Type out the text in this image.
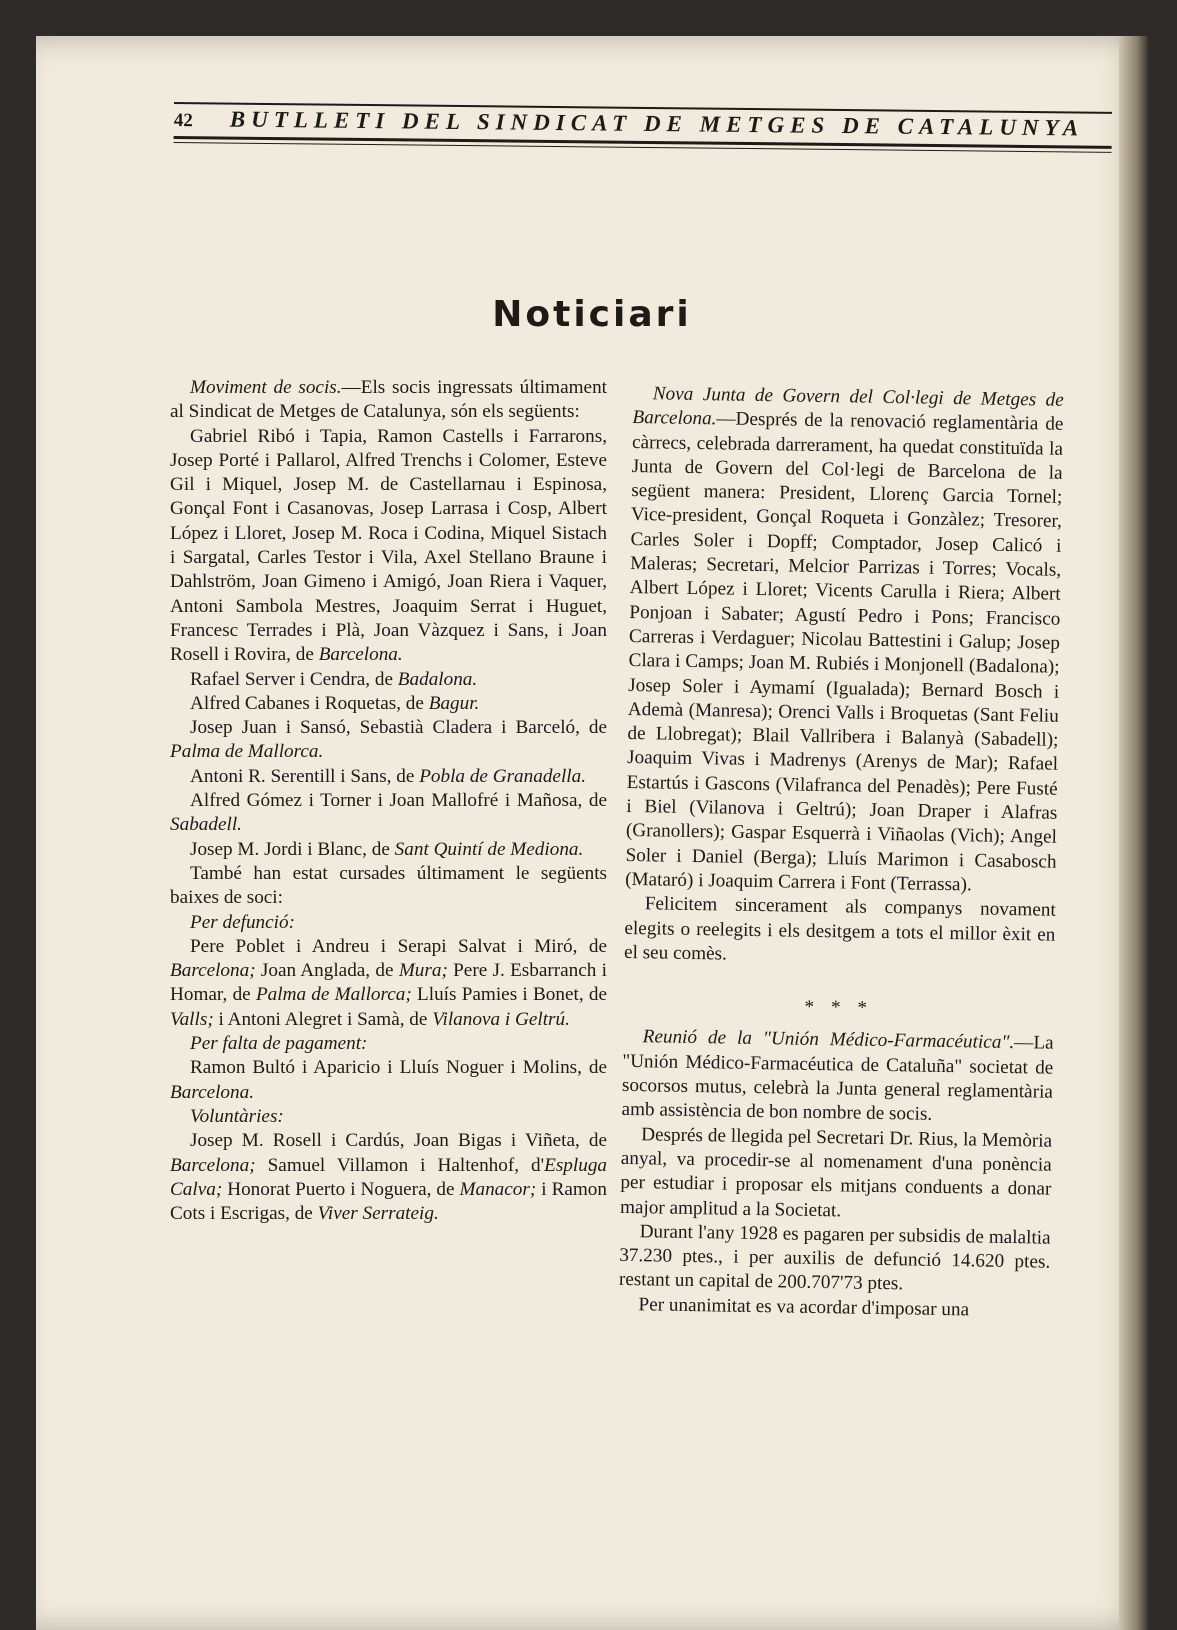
42 BUTLLETI DEL SINDICAT DE METGES DE CATALUNYA
Noticiari

Moviment de socis.—Els socis ingressats últimament al Sindicat de Metges de Catalunya, són els següents:

Gabriel Ribó i Tapia, Ramon Castells i Farrarons, Josep Porté i Pallarol, Alfred Trenchs i Colomer, Esteve Gil i Miquel, Josep M. de Castellarnau i Espinosa, Gonçal Font i Casanovas, Josep Larrasa i Cosp, Albert López i Lloret, Josep M. Roca i Codina, Miquel Sistach i Sargatal, Carles Testor i Vila, Axel Stellano Braune i Dahlström, Joan Gimeno i Amigó, Joan Riera i Vaquer, Antoni Sambola Mestres, Joaquim Serrat i Huguet, Francesc Terrades i Plà, Joan Vàzquez i Sans, i Joan Rosell i Rovira, de Barcelona.

Rafael Server i Cendra, de Badalona.

Alfred Cabanes i Roquetas, de Bagur.

Josep Juan i Sansó, Sebastià Cladera i Barceló, de Palma de Mallorca.

Antoni R. Serentill i Sans, de Pobla de Granadella.

Alfred Gómez i Torner i Joan Mallofré i Mañosa, de Sabadell.

Josep M. Jordi i Blanc, de Sant Quintí de Mediona.

També han estat cursades últimament le següents baixes de soci:

Per defunció:

Pere Poblet i Andreu i Serapi Salvat i Miró, de Barcelona; Joan Anglada, de Mura; Pere J. Esbarranch i Homar, de Palma de Mallorca; Lluís Pamies i Bonet, de Valls; i Antoni Alegret i Samà, de Vilanova i Geltrú.

Per falta de pagament:

Ramon Bultó i Aparicio i Lluís Noguer i Molins, de Barcelona.

Voluntàries:

Josep M. Rosell i Cardús, Joan Bigas i Viñeta, de Barcelona; Samuel Villamon i Haltenhof, d'Espluga Calva; Honorat Puerto i Noguera, de Manacor; i Ramon Cots i Escrigas, de Viver Serrateig.

Nova Junta de Govern del Col·legi de Metges de Barcelona.—Després de la renovació reglamentària de càrrecs, celebrada darrerament, ha quedat constituïda la Junta de Govern del Col·legi de Barcelona de la següent manera: President, Llorenç Garcia Tornel; Vice-president, Gonçal Roqueta i Gonzàlez; Tresorer, Carles Soler i Dopff; Comptador, Josep Calicó i Maleras; Secretari, Melcior Parrizas i Torres; Vocals, Albert López i Lloret; Vicents Carulla i Riera; Albert Ponjoan i Sabater; Agustí Pedro i Pons; Francisco Carreras i Verdaguer; Nicolau Battestini i Galup; Josep Clara i Camps; Joan M. Rubiés i Monjonell (Badalona); Josep Soler i Aymamí (Igualada); Bernard Bosch i Ademà (Manresa); Orenci Valls i Broquetas (Sant Feliu de Llobregat); Blail Vallribera i Balanyà (Sabadell); Joaquim Vivas i Madrenys (Arenys de Mar); Rafael Estartús i Gascons (Vilafranca del Penadès); Pere Fusté i Biel (Vilanova i Geltrú); Joan Draper i Alafras (Granollers); Gaspar Esquerrà i Viñaolas (Vich); Angel Soler i Daniel (Berga); Lluís Marimon i Casabosch (Mataró) i Joaquim Carrera i Font (Terrassa).

Felicitem sincerament als companys novament elegits o reelegits i els desitgem a tots el millor èxit en el seu comès.

* * *

Reunió de la "Unión Médico-Farmacéutica".—La "Unión Médico-Farmacéutica de Cataluña" societat de socorsos mutus, celebrà la Junta general reglamentària amb assistència de bon nombre de socis.

Després de llegida pel Secretari Dr. Rius, la Memòria anyal, va procedir-se al nomenament d'una ponència per estudiar i proposar els mitjans conduents a donar major amplitud a la Societat.

Durant l'any 1928 es pagaren per subsidis de malaltia 37.230 ptes., i per auxilis de defunció 14.620 ptes. restant un capital de 200.707'73 ptes.

Per unanimitat es va acordar d'imposar una
